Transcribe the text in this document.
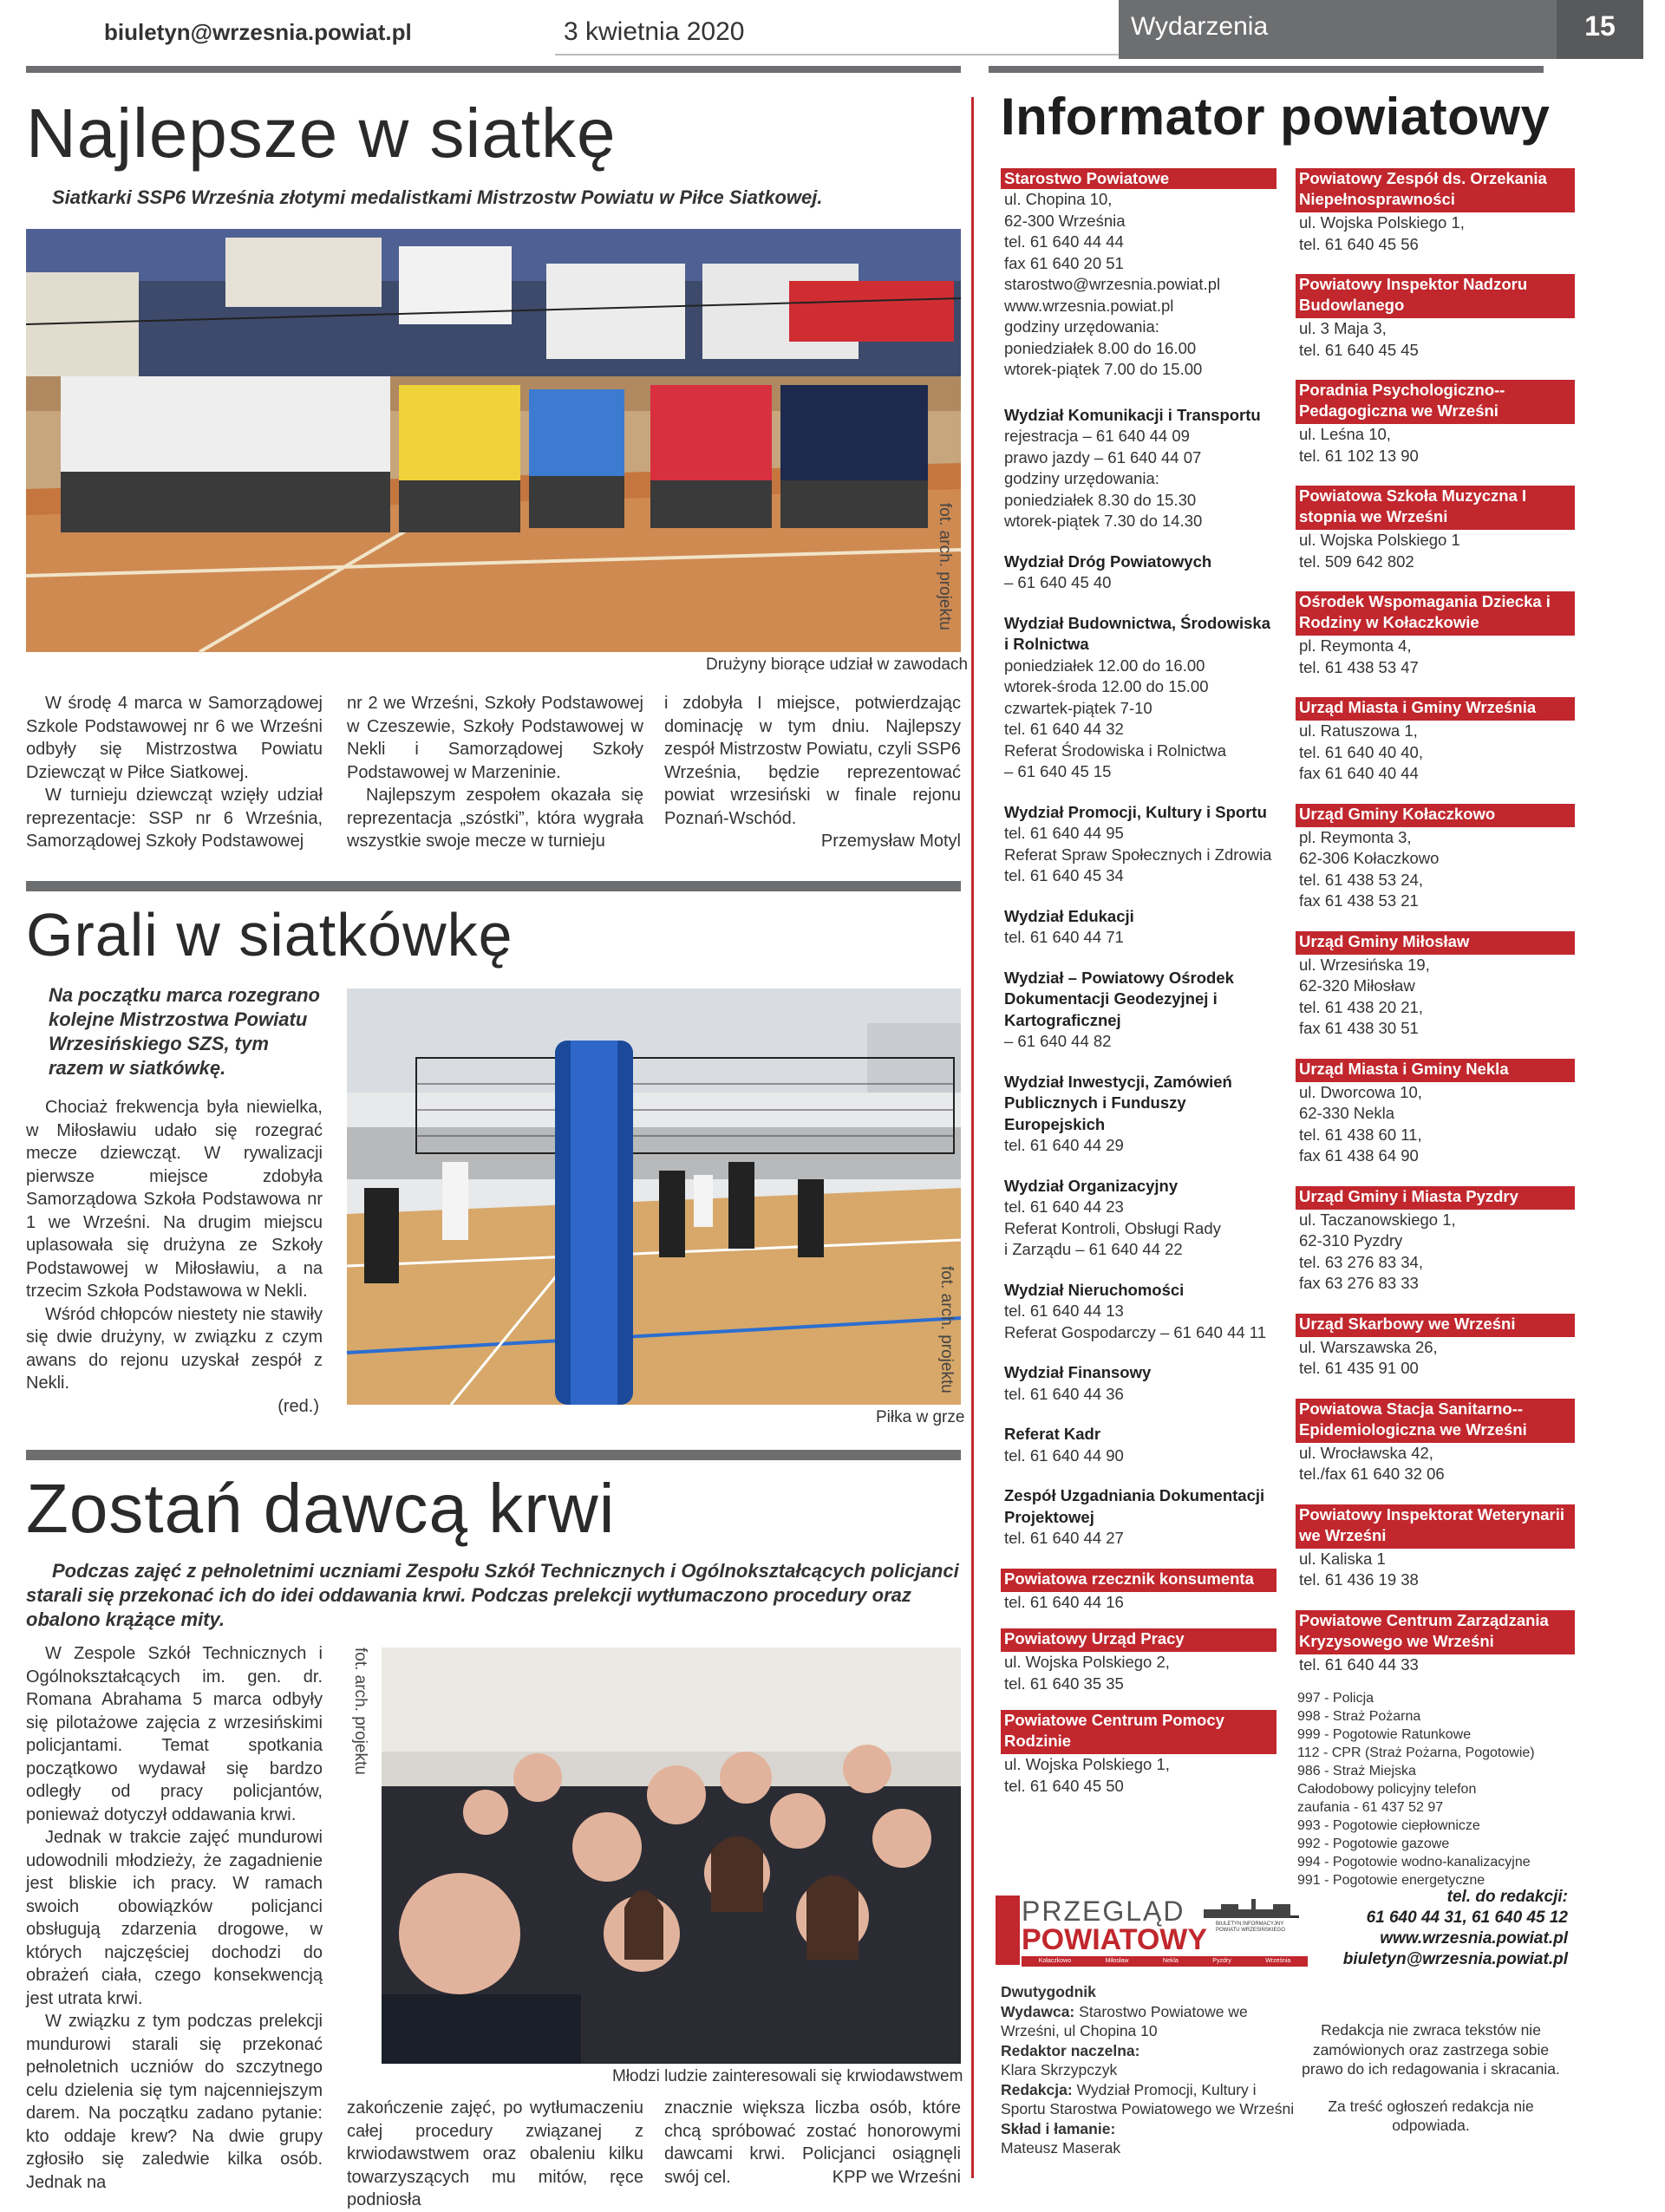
biuletyn@wrzesnia.powiat.pl	3 kwietnia 2020	Wydarzenia	15
Najlepsze w siatkę
Siatkarki SSP6 Września złotymi medalistkami Mistrzostw Powiatu w Piłce Siatkowej.
fot. arch. projektu
Drużyny biorące udział w zawodach

W środę 4 marca w Samorządowej Szkole Podstawowej nr 6 we Wrześni odbyły się Mistrzostwa Powiatu Dziewcząt w Piłce Siatkowej.

W turnieju dziewcząt wzięły udział reprezentacje: SSP nr 6 Września, Samorządowej Szkoły Podstawowej

nr 2 we Wrześni, Szkoły Podstawowej w Czeszewie, Szkoły Podstawowej w Nekli i Samorządowej Szkoły Podstawowej w Marzeninie.

Najlepszym zespołem okazała się reprezentacja „szóstki”, która wygrała wszystkie swoje mecze w turnieju

i zdobyła I miejsce, potwierdzając dominację w tym dniu. Najlepszy zespół Mistrzostw Powiatu, czyli SSP6 Września, będzie reprezentować powiat wrzesiński w finale rejonu Poznań-Wschód.

Przemysław Motyl
Grali w siatkówkę
Na początku marca rozegrano kolejne Mistrzostwa Powiatu Wrzesińskiego SZS, tym razem w siatkówkę.

Chociaż frekwencja była niewielka, w Miłosławiu udało się rozegrać mecze dziewcząt. W rywalizacji pierwsze miejsce zdobyła Samorządowa Szkoła Podstawowa nr 1 we Wrześni. Na drugim miejscu uplasowała się drużyna ze Szkoły Podstawowej w Miłosławiu, a na trzecim Szkoła Podstawowa w Nekli.

Wśród chłopców niestety nie stawiły się dwie drużyny, w związku z czym awans do rejonu uzyskał zespół z Nekli.

(red.)
fot. arch. projektu
Piłka w grze
Zostań dawcą krwi
Podczas zajęć z pełnoletnimi uczniami Zespołu Szkół Technicznych i Ogólnokształcących policjanci starali się przekonać ich do idei oddawania krwi. Podczas prelekcji wytłumaczono procedury oraz obalono krążące mity.

W Zespole Szkół Technicznych i Ogólnokształcących im. gen. dr. Romana Abrahama 5 marca odbyły się pilotażowe zajęcia z wrzesińskimi policjantami. Temat spotkania początkowo wydawał się bardzo odległy od pracy policjantów, ponieważ dotyczył oddawania krwi.

Jednak w trakcie zajęć mundurowi udowodnili młodzieży, że zagadnienie jest bliskie ich pracy. W ramach swoich obowiązków policjanci obsługują zdarzenia drogowe, w których najczęściej dochodzi do obrażeń ciała, czego konsekwencją jest utrata krwi.

W związku z tym podczas prelekcji mundurowi starali się przekonać pełnoletnich uczniów do szczytnego celu dzielenia się tym najcenniejszym darem. Na początku zadano pytanie: kto oddaje krew? Na dwie grupy zgłosiło się zaledwie kilka osób. Jednak na

fot. arch. projektu
Młodzi ludzie zainteresowali się krwiodawstwem

zakończenie zajęć, po wytłumaczeniu całej procedury związanej z krwiodawstwem oraz obaleniu kilku towarzyszących mu mitów, ręce podniosła

znacznie większa liczba osób, które chcą spróbować zostać honorowymi dawcami krwi. Policjanci osiągnęli swój cel.	KPP we Wrześni
Informator powiatowy
Starostwo Powiatowe
ul. Chopina 10,
62-300 Września
tel. 61 640 44 44
fax 61 640 20 51
starostwo@wrzesnia.powiat.pl
www.wrzesnia.powiat.pl
godziny urzędowania:
poniedziałek 8.00 do 16.00
wtorek-piątek 7.00 do 15.00
Wydział Komunikacji i Transportu
rejestracja – 61 640 44 09
prawo jazdy – 61 640 44 07
godziny urzędowania:
poniedziałek 8.30 do 15.30
wtorek-piątek 7.30 do 14.30
Wydział Dróg Powiatowych
– 61 640 45 40
Wydział Budownictwa, Środowiska i Rolnictwa
poniedziałek 12.00 do 16.00
wtorek-środa 12.00 do 15.00
czwartek-piątek 7-10
tel. 61 640 44 32
Referat Środowiska i Rolnictwa
– 61 640 45 15
Wydział Promocji, Kultury i Sportu
tel. 61 640 44 95
Referat Spraw Społecznych i Zdrowia
tel. 61 640 45 34
Wydział Edukacji
tel. 61 640 44 71
Wydział – Powiatowy Ośrodek Dokumentacji Geodezyjnej i Kartograficznej
– 61 640 44 82
Wydział Inwestycji, Zamówień Publicznych i Funduszy Europejskich
tel. 61 640 44 29
Wydział Organizacyjny
tel. 61 640 44 23
Referat Kontroli, Obsługi Rady
i Zarządu – 61 640 44 22
Wydział Nieruchomości
tel. 61 640 44 13
Referat Gospodarczy – 61 640 44 11
Wydział Finansowy
tel. 61 640 44 36
Referat Kadr
tel. 61 640 44 90
Zespół Uzgadniania Dokumentacji Projektowej
tel. 61 640 44 27
Powiatowa rzecznik konsumenta
tel. 61 640 44 16
Powiatowy Urząd Pracy
ul. Wojska Polskiego 2,
tel. 61 640 35 35
Powiatowe Centrum Pomocy Rodzinie
ul. Wojska Polskiego 1,
tel. 61 640 45 50
Powiatowy Zespół ds. Orzekania Niepełnosprawności
ul. Wojska Polskiego 1,
tel. 61 640 45 56
Powiatowy Inspektor Nadzoru Budowlanego
ul. 3 Maja 3,
tel. 61 640 45 45
Poradnia Psychologiczno--Pedagogiczna we Wrześni
ul. Leśna 10,
tel. 61 102 13 90
Powiatowa Szkoła Muzyczna I stopnia we Wrześni
ul. Wojska Polskiego 1
tel. 509 642 802
Ośrodek Wspomagania Dziecka i Rodziny w Kołaczkowie
pl. Reymonta 4,
tel. 61 438 53 47
Urząd Miasta i Gminy Września
ul. Ratuszowa 1,
tel. 61 640 40 40,
fax 61 640 40 44
Urząd Gminy Kołaczkowo
pl. Reymonta 3,
62-306 Kołaczkowo
tel. 61 438 53 24,
fax 61 438 53 21
Urząd Gminy Miłosław
ul. Wrzesińska 19,
62-320 Miłosław
tel. 61 438 20 21,
fax 61 438 30 51
Urząd Miasta i Gminy Nekla
ul. Dworcowa 10,
62-330 Nekla
tel. 61 438 60 11,
fax 61 438 64 90
Urząd Gminy i Miasta Pyzdry
ul. Taczanowskiego 1,
62-310 Pyzdry
tel. 63 276 83 34,
fax 63 276 83 33
Urząd Skarbowy we Wrześni
ul. Warszawska 26,
tel. 61 435 91 00
Powiatowa Stacja Sanitarno--Epidemiologiczna we Wrześni
ul. Wrocławska 42,
tel./fax 61 640 32 06
Powiatowy Inspektorat Weterynarii we Wrześni
ul. Kaliska 1
tel. 61 436 19 38
Powiatowe Centrum Zarządzania Kryzysowego we Wrześni
tel. 61 640 44 33
997 - Policja
998 - Straż Pożarna
999 - Pogotowie Ratunkowe
112 - CPR (Straż Pożarna, Pogotowie)
986 - Straż Miejska
Całodobowy policyjny telefon
zaufania - 61 437 52 97
993 - Pogotowie ciepłownicze
992 - Pogotowie gazowe
994 - Pogotowie wodno-kanalizacyjne
991 - Pogotowie energetyczne
PRZEGLĄD
POWIATOWY BIULETYN INFORMACYJNY POWIATU WRZESIŃSKIEGO
Kołaczkowo	Miłosław	Nekla	Pyzdry	Września
tel. do redakcji:
61 640 44 31, 61 640 45 12
www.wrzesnia.powiat.pl
biuletyn@wrzesnia.powiat.pl
Dwutygodnik
Wydawca: Starostwo Powiatowe we Wrześni, ul Chopina 10
Redaktor naczelna:
Klara Skrzypczyk
Redakcja: Wydział Promocji, Kultury i Sportu Starostwa Powiatowego we Wrześni
Skład i łamanie:
Mateusz Maserak
Redakcja nie zwraca tekstów nie zamówionych oraz zastrzega sobie prawo do ich redagowania i skracania.
Za treść ogłoszeń redakcja nie odpowiada.
